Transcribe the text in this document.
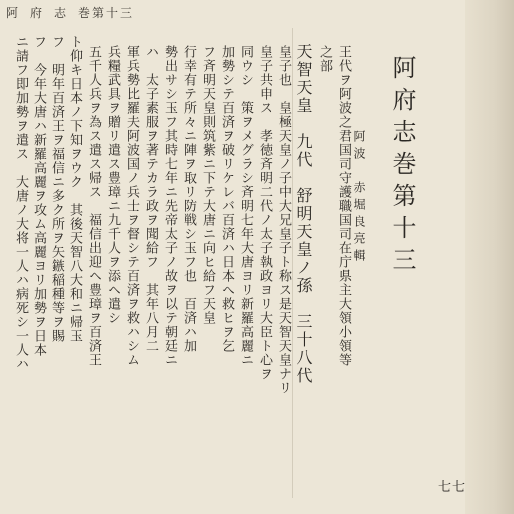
阿 府 志 巻第十三
阿府志巻第十三
阿波　赤堀良亮輯
王代ヲ阿波之君国司守護職国司在庁県主大領小領等
之部
天智天皇　九代　舒明天皇ノ孫　三十八代
皇子也　皇極天皇ノ子中大兄皇子ト称ス是天智天皇ナリ
皇子共申ス　孝徳斉明二代ノ太子執政ヨリ大臣ト心ヲ
同ウシ　策ヲメグラシ斉明七年大唐ヨリ新羅高麗ニ
加勢シテ百済ヲ破リケレバ百済ハ日本へ救ヒヲ乞
フ斉明天皇則筑紫ニ下テ大唐ニ向ヒ給フ天皇
行幸有テ所々ニ陣ヲ取リ防戦シ玉フ也　百済ハ加
勢出サシ玉フ其時七年ニ先帝太子ノ故ヲ以テ朝廷ニ
ハ　太子素服ヲ著テカラ政ヲ聞給フ　其年八月二
軍兵勢比羅夫阿波国ノ兵士ヲ督シテ百済ヲ救ハシム
兵糧武具ヲ贈リ遣ス豊璋ニ九千人ヲ添ヘ遣シ
五千人兵ヲ為ス遣ス帰ス　福信出迎ヘ豊璋ヲ百済王
ト仰キ日本ノ下知ヲウク　其後天智八大和ニ帰玉
フ　明年百済王ヲ福信ニ多ク所ヲ矢鏃稲種等ヲ賜
フ　今年大唐ハ新羅高麗ヲ攻ム高麗ヨリ加勢ヲ日本
ニ請フ即加勢ヲ遣ス　大唐ノ大将一人ハ病死シ一人ハ
七七
